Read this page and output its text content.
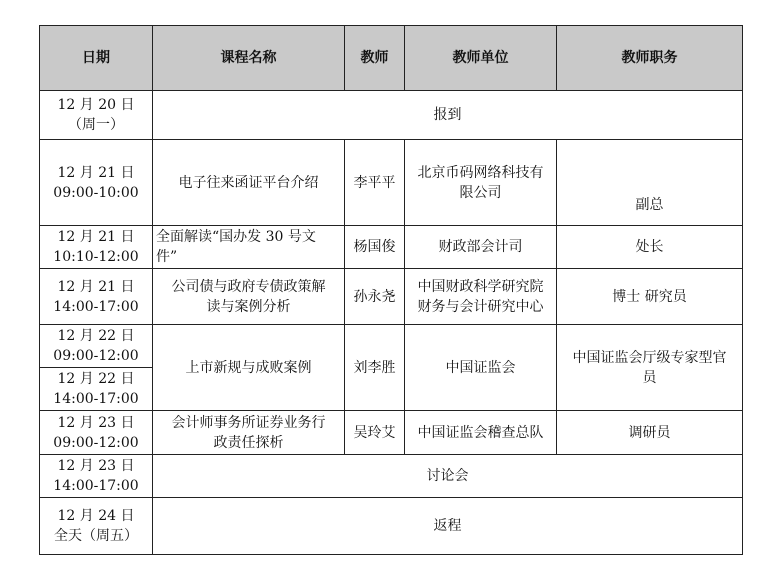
日期	课程名称	教师	教师单位	教师职务

12 月 20 日
（周一）	报到			

12 月 21 日
09:00-10:00	电子往来函证平台介绍	李平平	北京币码网络科技有
限公司	副总

12 月 21 日
10:10-12:00	全面解读“国办发 30 号文
件”	杨国俊	财政部会计司	处长

12 月 21 日
14:00-17:00	公司债与政府专债政策解
读与案例分析	孙永尧	中国财政科学研究院
财务与会计研究中心	博士 研究员

12 月 22 日
09:00-12:00	上市新规与成败案例	刘李胜	中国证监会	中国证监会厅级专家型官
员

12 月 22 日
14:00-17:00				

12 月 23 日
09:00-12:00	会计师事务所证券业务行
政责任探析	吴玲艾	中国证监会稽查总队	调研员

12 月 23 日
14:00-17:00	讨论会			

12 月 24 日
全天（周五）	返程			
